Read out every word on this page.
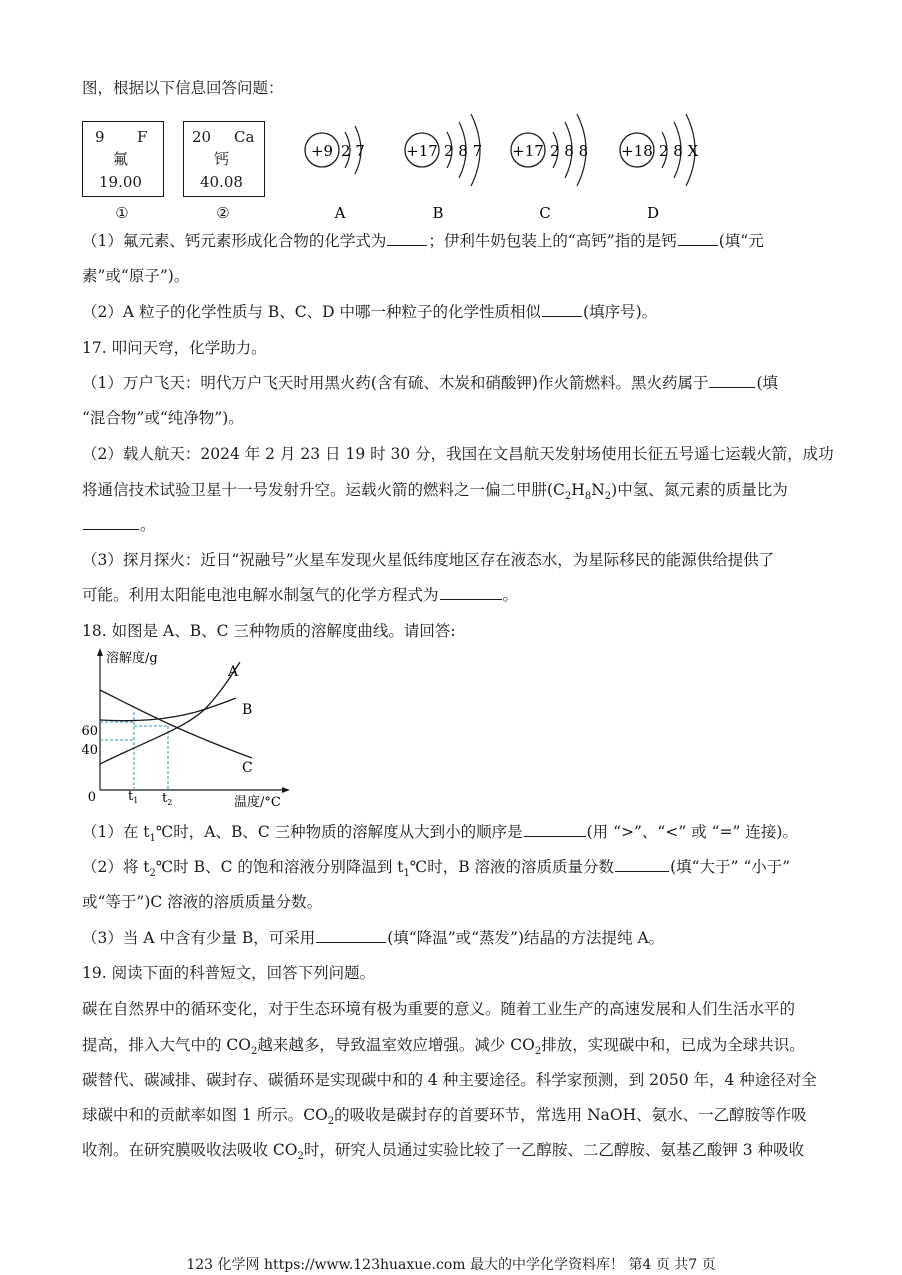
图，根据以下信息回答问题：
9 F
氟
19.00
20 Ca
钙
40.08
①	②
+9 2 7
A
+17 2 8 7
B
+17 2 8 8
C
+18 2 8 X
D
（1）氟元素、钙元素形成化合物的化学式为	；伊利牛奶包装上的“高钙”指的是钙	(填“元
素”或“原子”)。
（2）A 粒子的化学性质与 B、C、D 中哪一种粒子的化学性质相似	(填序号)。
17. 叩问天穹，化学助力。
（1）万户飞天：明代万户飞天时用黑火药(含有硫、木炭和硝酸钾)作火箭燃料。黑火药属于	(填
“混合物”或“纯净物”)。
（2）载人航天：2024 年 2 月 23 日 19 时 30 分，我国在文昌航天发射场使用长征五号遥七运载火箭，成功
将通信技术试验卫星十一号发射升空。运载火箭的燃料之一偏二甲肼$(C_2H_8N_2)$中氢、氮元素的质量比为
。
（3）探月探火：近日“祝融号”火星车发现火星低纬度地区存在液态水，为星际移民的能源供给提供了
可能。利用太阳能电池电解水制氢气的化学方程式为	。
18. 如图是 A、B、C 三种物质的溶解度曲线。请回答:
溶解度/g
温度/°C
0
60
40
$t_1$ $t_2$
A
B
C
（1）在 $t_1℃$时，A、B、C 三种物质的溶解度从大到小的顺序是	(用 “>”、“<” 或 “=” 连接)。
（2）将 $t_2℃$时 B、C 的饱和溶液分别降温到 $t_1℃$时，B 溶液的溶质质量分数	(填“大于” “小于”
或“等于”)C 溶液的溶质质量分数。
（3）当 A 中含有少量 B，可采用	(填“降温”或“蒸发”)结晶的方法提纯 A。
19. 阅读下面的科普短文，回答下列问题。
碳在自然界中的循环变化，对于生态环境有极为重要的意义。随着工业生产的高速发展和人们生活水平的
提高，排入大气中的 $CO_2$越来越多，导致温室效应增强。减少 $CO_2$排放，实现碳中和，已成为全球共识。
碳替代、碳减排、碳封存、碳循环是实现碳中和的 4 种主要途径。科学家预测，到 2050 年，4 种途径对全
球碳中和的贡献率如图 1 所示。$CO_2$的吸收是碳封存的首要环节，常选用 NaOH、氨水、一乙醇胺等作吸
收剂。在研究膜吸收法吸收 $CO_2$时，研究人员通过实验比较了一乙醇胺、二乙醇胺、氨基乙酸钾 3 种吸收
123 化学网 https://www.123huaxue.com 最大的中学化学资料库！ 第4 页 共7 页
